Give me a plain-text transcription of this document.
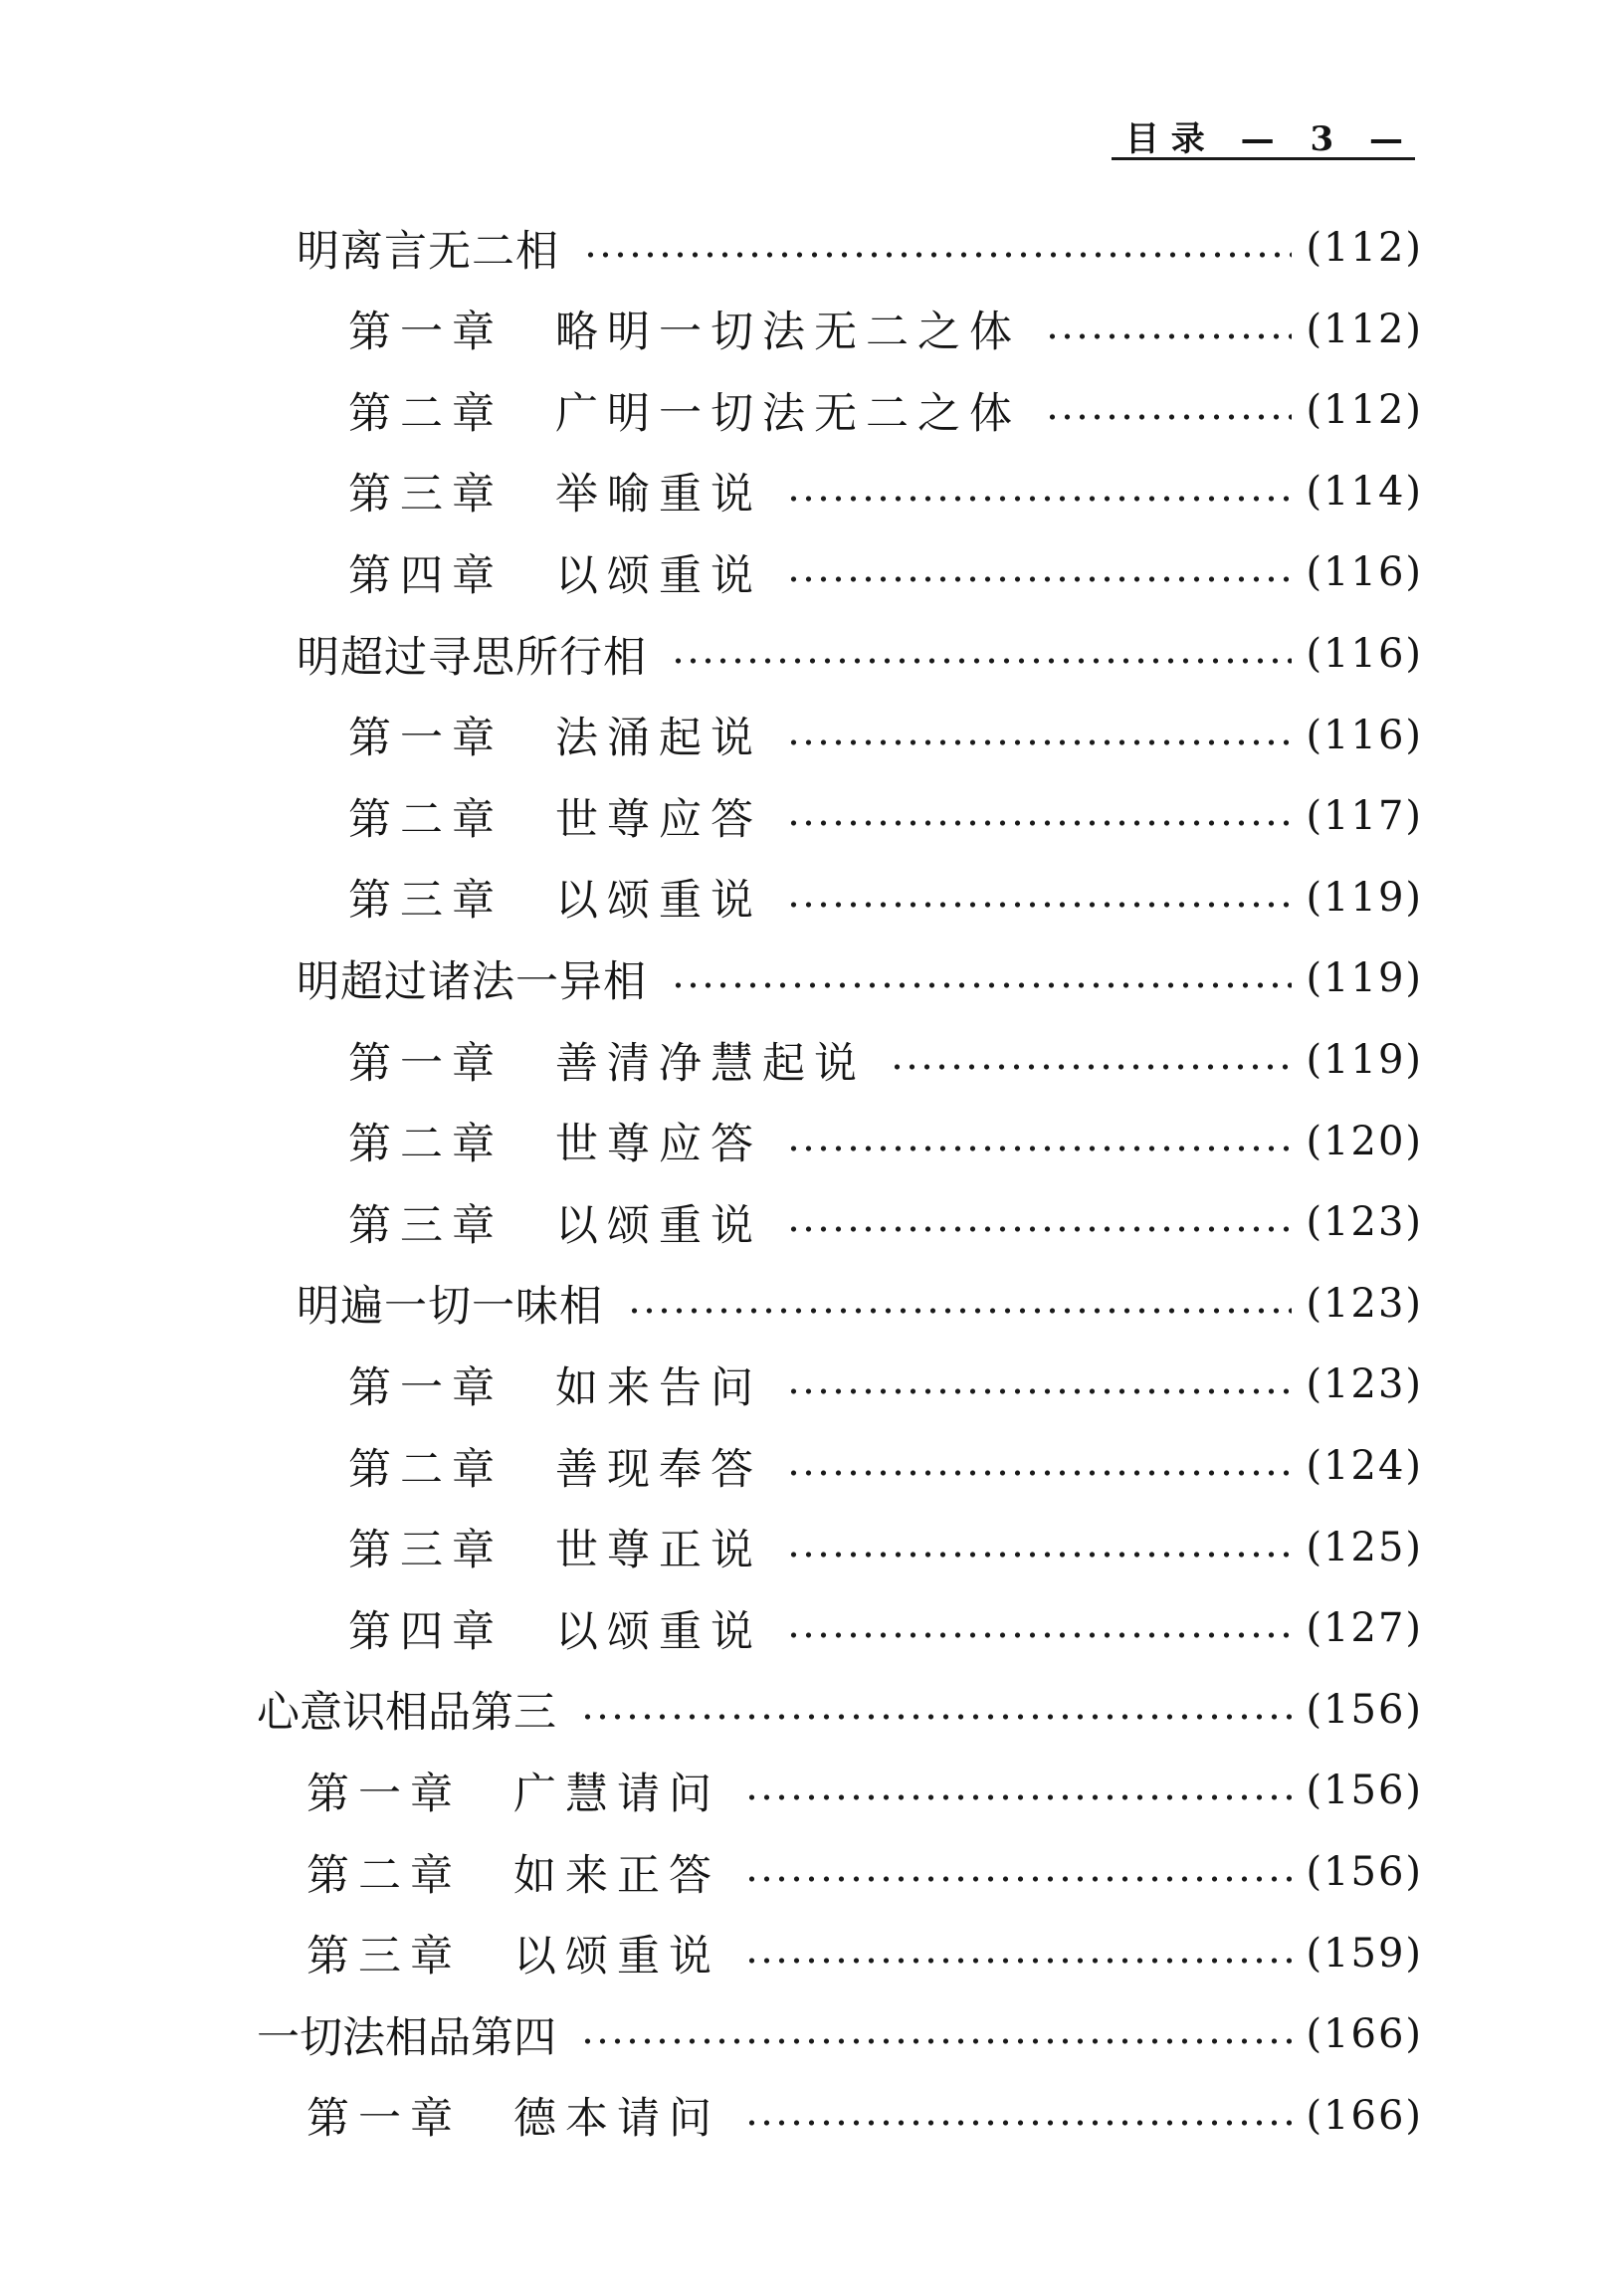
目录 — 3 —
明离言无二相	(112)
第一章 略明一切法无二之体	(112)
第二章 广明一切法无二之体	(112)
第三章 举喻重说	(114)
第四章 以颂重说	(116)
明超过寻思所行相	(116)
第一章 法涌起说	(116)
第二章 世尊应答	(117)
第三章 以颂重说	(119)
明超过诸法一异相	(119)
第一章 善清净慧起说	(119)
第二章 世尊应答	(120)
第三章 以颂重说	(123)
明遍一切一味相	(123)
第一章 如来告问	(123)
第二章 善现奉答	(124)
第三章 世尊正说	(125)
第四章 以颂重说	(127)
心意识相品第三	(156)
第一章 广慧请问	(156)
第二章 如来正答	(156)
第三章 以颂重说	(159)
一切法相品第四	(166)
第一章 德本请问	(166)
